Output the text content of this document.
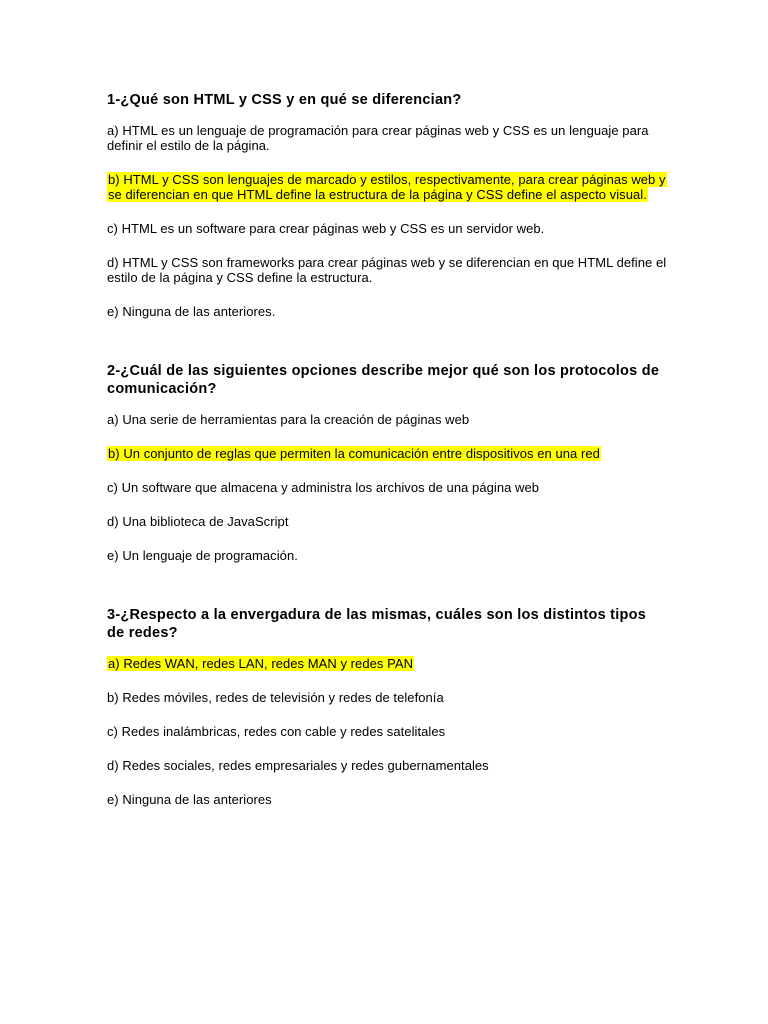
1-¿Qué son HTML y CSS y en qué se diferencian?
a) HTML es un lenguaje de programación para crear páginas web y CSS es un lenguaje para definir el estilo de la página.
b) HTML y CSS son lenguajes de marcado y estilos, respectivamente, para crear páginas web y se diferencian en que HTML define la estructura de la página y CSS define el aspecto visual.
c) HTML es un software para crear páginas web y CSS es un servidor web.
d) HTML y CSS son frameworks para crear páginas web y se diferencian en que HTML define el estilo de la página y CSS define la estructura.
e) Ninguna de las anteriores.
2-¿Cuál de las siguientes opciones describe mejor qué son los protocolos de comunicación?
a) Una serie de herramientas para la creación de páginas web
b) Un conjunto de reglas que permiten la comunicación entre dispositivos en una red
c) Un software que almacena y administra los archivos de una página web
d) Una biblioteca de JavaScript
e) Un lenguaje de programación.
3-¿Respecto a la envergadura de las mismas, cuáles son los distintos tipos de redes?
a) Redes WAN, redes LAN, redes MAN y redes PAN
b) Redes móviles, redes de televisión y redes de telefonía
c) Redes inalámbricas, redes con cable y redes satelitales
d) Redes sociales, redes empresariales y redes gubernamentales
e) Ninguna de las anteriores
